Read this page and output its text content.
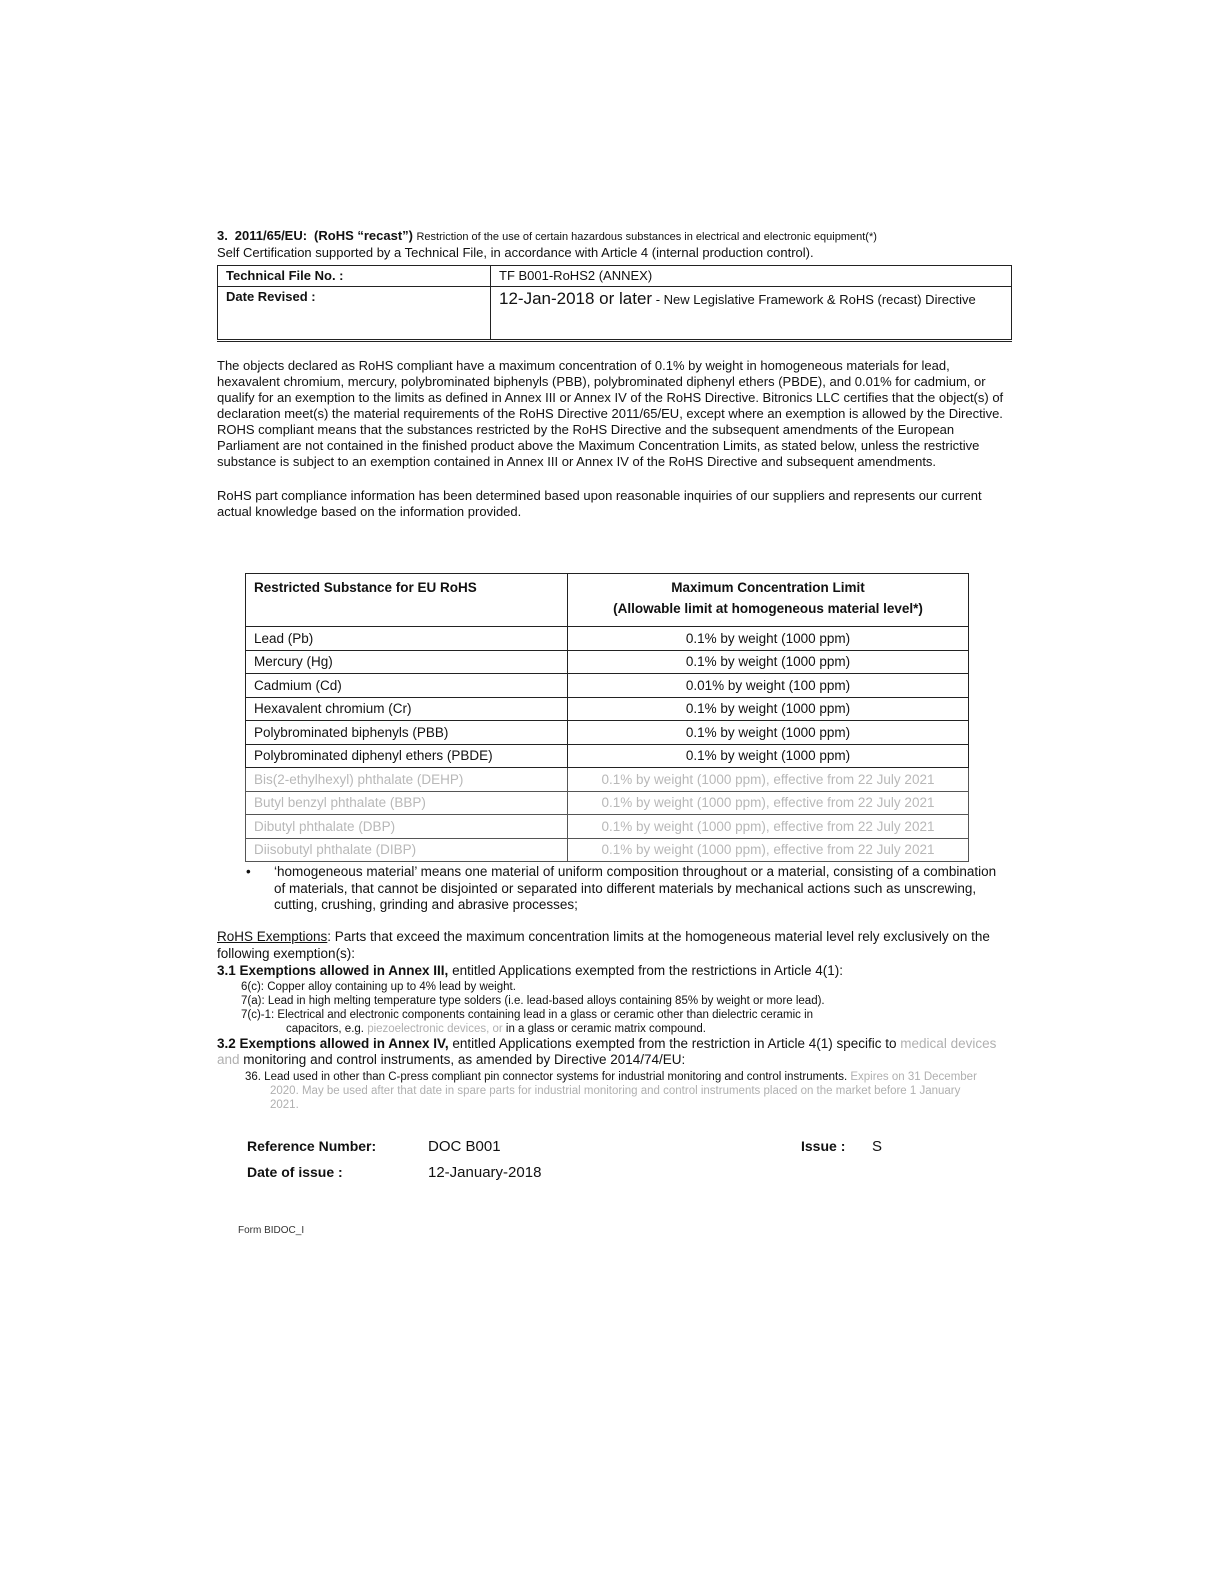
3. 2011/65/EU: (RoHS “recast”) Restriction of the use of certain hazardous substances in electrical and electronic equipment(*)
Self Certification supported by a Technical File, in accordance with Article 4 (internal production control).
Technical File No. :	TF B001-RoHS2 (ANNEX)
Date Revised :	12-Jan-2018 or later - New Legislative Framework & RoHS (recast) Directive

The objects declared as RoHS compliant have a maximum concentration of 0.1% by weight in homogeneous materials for lead, hexavalent chromium, mercury, polybrominated biphenyls (PBB), polybrominated diphenyl ethers (PBDE), and 0.01% for cadmium, or qualify for an exemption to the limits as defined in Annex III or Annex IV of the RoHS Directive. Bitronics LLC certifies that the object(s) of declaration meet(s) the material requirements of the RoHS Directive 2011/65/EU, except where an exemption is allowed by the Directive. ROHS compliant means that the substances restricted by the RoHS Directive and the subsequent amendments of the European Parliament are not contained in the finished product above the Maximum Concentration Limits, as stated below, unless the restrictive substance is subject to an exemption contained in Annex III or Annex IV of the RoHS Directive and subsequent amendments.

RoHS part compliance information has been determined based upon reasonable inquiries of our suppliers and represents our current actual knowledge based on the information provided.

Restricted Substance for EU RoHS	Maximum Concentration Limit
(Allowable limit at homogeneous material level*)

Lead (Pb)	0.1% by weight (1000 ppm)
Mercury (Hg)	0.1% by weight (1000 ppm)
Cadmium (Cd)	0.01% by weight (100 ppm)
Hexavalent chromium (Cr)	0.1% by weight (1000 ppm)
Polybrominated biphenyls (PBB)	0.1% by weight (1000 ppm)
Polybrominated diphenyl ethers (PBDE)	0.1% by weight (1000 ppm)
Bis(2-ethylhexyl) phthalate (DEHP)	0.1% by weight (1000 ppm), effective from 22 July 2021
Butyl benzyl phthalate (BBP)	0.1% by weight (1000 ppm), effective from 22 July 2021
Dibutyl phthalate (DBP)	0.1% by weight (1000 ppm), effective from 22 July 2021
Diisobutyl phthalate (DIBP)	0.1% by weight (1000 ppm), effective from 22 July 2021
• ‘homogeneous material’ means one material of uniform composition throughout or a material, consisting of a combination of materials, that cannot be disjointed or separated into different materials by mechanical actions such as unscrewing, cutting, crushing, grinding and abrasive processes;
RoHS Exemptions: Parts that exceed the maximum concentration limits at the homogeneous material level rely exclusively on the following exemption(s):
3.1 Exemptions allowed in Annex III, entitled Applications exempted from the restrictions in Article 4(1):
6(c): Copper alloy containing up to 4% lead by weight.
7(a): Lead in high melting temperature type solders (i.e. lead-based alloys containing 85% by weight or more lead).
7(c)-1: Electrical and electronic components containing lead in a glass or ceramic other than dielectric ceramic in
capacitors, e.g. piezoelectronic devices, or in a glass or ceramic matrix compound.
3.2 Exemptions allowed in Annex IV, entitled Applications exempted from the restriction in Article 4(1) specific to medical devices and monitoring and control instruments, as amended by Directive 2014/74/EU:
36. Lead used in other than C-press compliant pin connector systems for industrial monitoring and control instruments. Expires on 31 December 2020. May be used after that date in spare parts for industrial monitoring and control instruments placed on the market before 1 January 2021.
Reference Number:	DOC B001	Issue : S
Date of issue :	12-January-2018
Form BIDOC_I
